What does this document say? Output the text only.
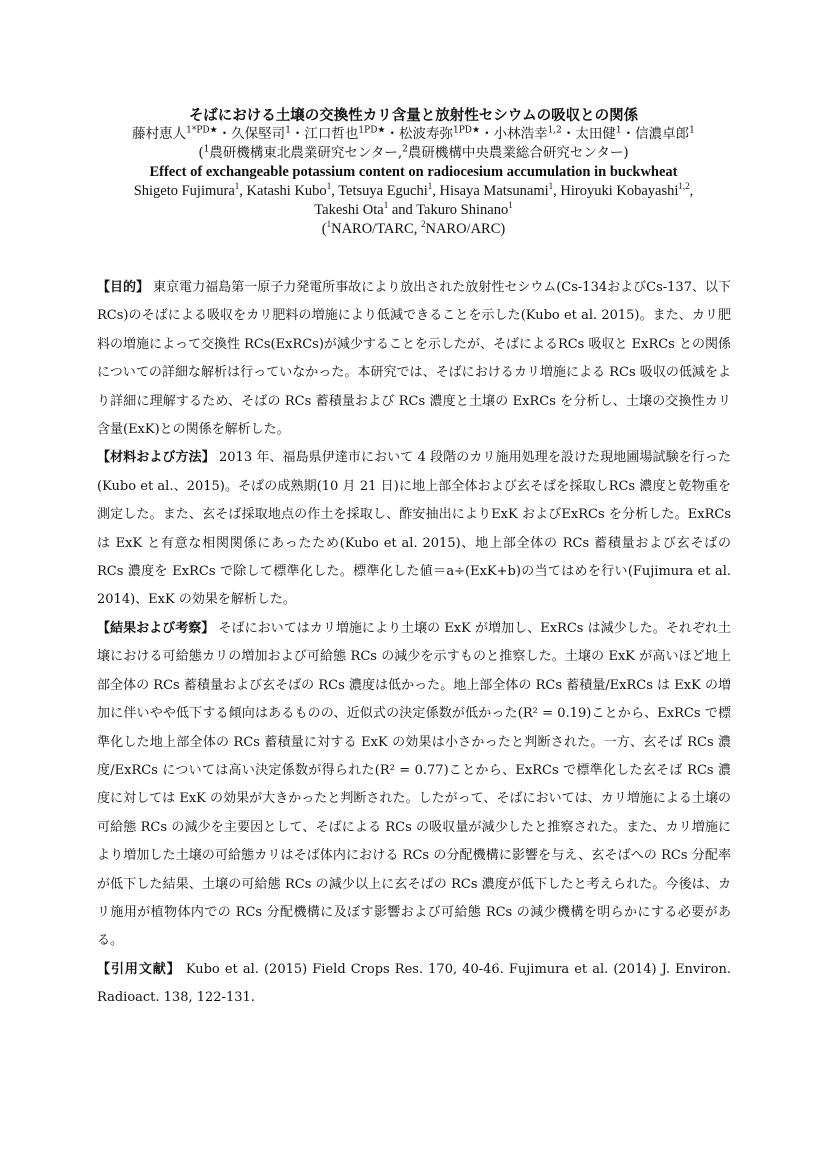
そばにおける土壌の交換性カリ含量と放射性セシウムの吸収との関係
藤村恵人$^{1*PD★}$・久保堅司$^1$・江口哲也$^{1PD★}$・松波寿弥$^{1PD★}$・小林浩幸$^{1,2}$・太田健$^1$・信濃卓郎$^1$
($^1$農研機構東北農業研究センター,$^2$農研機構中央農業総合研究センター)
Effect of exchangeable potassium content on radiocesium accumulation in buckwheat
Shigeto Fujimura$^1$, Katashi Kubo$^1$, Tetsuya Eguchi$^1$, Hisaya Matsunami$^1$, Hiroyuki Kobayashi$^{1,2}$,
Takeshi Ota$^1$ and Takuro Shinano$^1$
($^1$NARO/TARC, $^2$NARO/ARC)

【目的】 東京電力福島第一原子力発電所事故により放出された放射性セシウム(Cs-134およびCs-137、以下 RCs)のそばによる吸収をカリ肥料の増施により低減できることを示した(Kubo et al. 2015)。また、カリ肥料の増施によって交換性 RCs(ExRCs)が減少することを示したが、そばによるRCs 吸収と ExRCs との関係についての詳細な解析は行っていなかった。本研究では、そばにおけるカリ増施による RCs 吸収の低減をより詳細に理解するため、そばの RCs 蓄積量および RCs 濃度と土壌の ExRCs を分析し、土壌の交換性カリ含量(ExK)との関係を解析した。

【材料および方法】 2013 年、福島県伊達市において 4 段階のカリ施用処理を設けた現地圃場試験を行った(Kubo et al.、2015)。そばの成熟期(10 月 21 日)に地上部全体および玄そばを採取しRCs 濃度と乾物重を測定した。また、玄そば採取地点の作土を採取し、酢安抽出によりExK およびExRCs を分析した。ExRCs は ExK と有意な相関関係にあったため(Kubo et al. 2015)、地上部全体の RCs 蓄積量および玄そばの RCs 濃度を ExRCs で除して標準化した。標準化した値＝a÷(ExK+b)の当てはめを行い(Fujimura et al. 2014)、ExK の効果を解析した。

【結果および考察】 そばにおいてはカリ増施により土壌の ExK が増加し、ExRCs は減少した。それぞれ土壌における可給態カリの増加および可給態 RCs の減少を示すものと推察した。土壌の ExK が高いほど地上部全体の RCs 蓄積量および玄そばの RCs 濃度は低かった。地上部全体の RCs 蓄積量/ExRCs は ExK の増加に伴いやや低下する傾向はあるものの、近似式の決定係数が低かった(R² = 0.19)ことから、ExRCs で標準化した地上部全体の RCs 蓄積量に対する ExK の効果は小さかったと判断された。一方、玄そば RCs 濃度/ExRCs については高い決定係数が得られた(R² = 0.77)ことから、ExRCs で標準化した玄そば RCs 濃度に対しては ExK の効果が大きかったと判断された。したがって、そばにおいては、カリ増施による土壌の可給態 RCs の減少を主要因として、そばによる RCs の吸収量が減少したと推察された。また、カリ増施により増加した土壌の可給態カリはそば体内における RCs の分配機構に影響を与え、玄そばへの RCs 分配率が低下した結果、土壌の可給態 RCs の減少以上に玄そばの RCs 濃度が低下したと考えられた。今後は、カリ施用が植物体内での RCs 分配機構に及ぼす影響および可給態 RCs の減少機構を明らかにする必要がある。

【引用文献】 Kubo et al. (2015) Field Crops Res. 170, 40-46. Fujimura et al. (2014) J. Environ. Radioact. 138, 122-131.
